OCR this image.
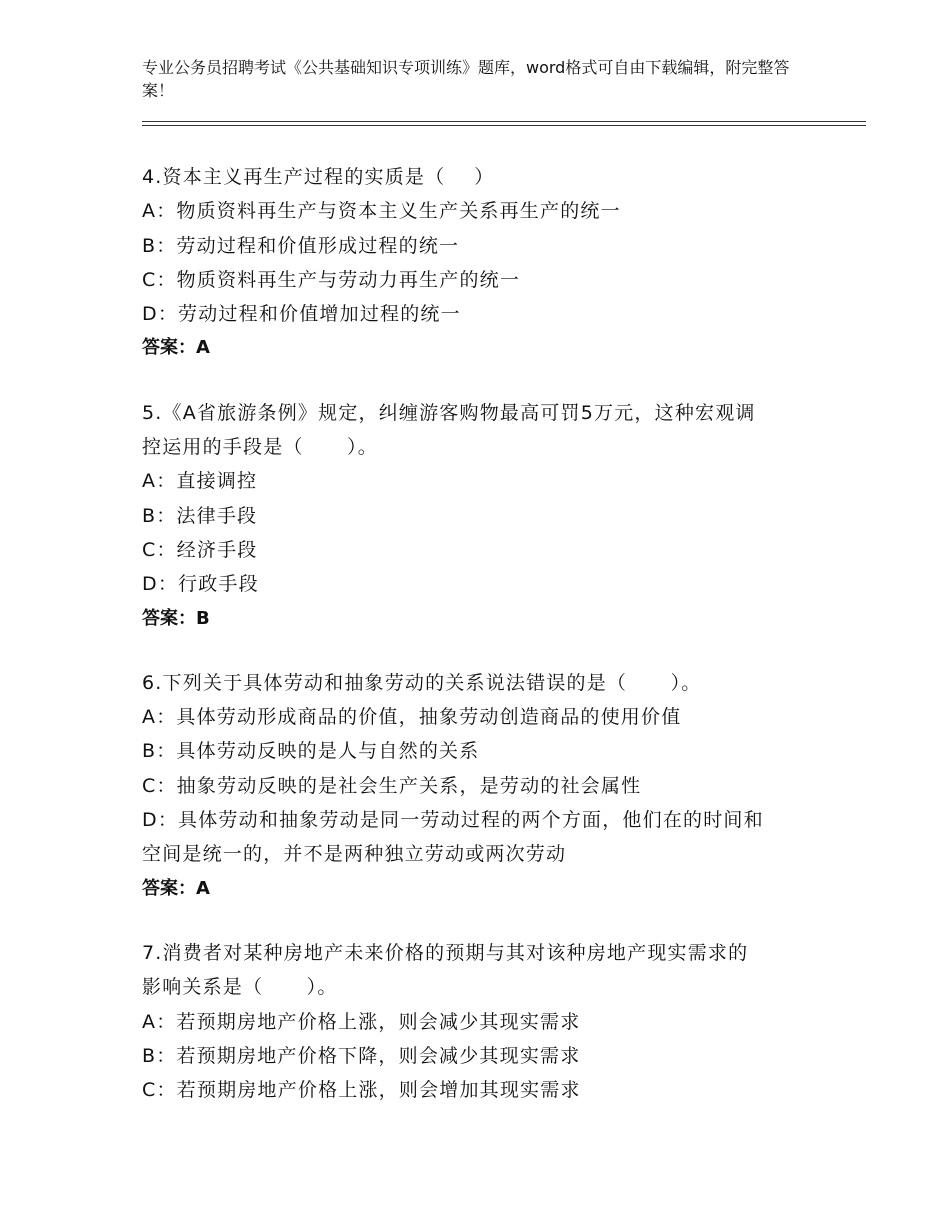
专业公务员招聘考试《公共基础知识专项训练》题库，word格式可自由下载编辑，附完整答案！
4.资本主义再生产过程的实质是（    ）
A：物质资料再生产与资本主义生产关系再生产的统一
B：劳动过程和价值形成过程的统一
C：物质资料再生产与劳动力再生产的统一
D：劳动过程和价值增加过程的统一
答案：A
5.《A省旅游条例》规定，纠缠游客购物最高可罚5万元，这种宏观调
控运用的手段是（      ）。
A：直接调控
B：法律手段
C：经济手段
D：行政手段
答案：B
6.下列关于具体劳动和抽象劳动的关系说法错误的是（      ）。
A：具体劳动形成商品的价值，抽象劳动创造商品的使用价值
B：具体劳动反映的是人与自然的关系
C：抽象劳动反映的是社会生产关系，是劳动的社会属性
D：具体劳动和抽象劳动是同一劳动过程的两个方面，他们在的时间和
空间是统一的，并不是两种独立劳动或两次劳动
答案：A
7.消费者对某种房地产未来价格的预期与其对该种房地产现实需求的
影响关系是（      ）。
A：若预期房地产价格上涨，则会减少其现实需求
B：若预期房地产价格下降，则会减少其现实需求
C：若预期房地产价格上涨，则会增加其现实需求
